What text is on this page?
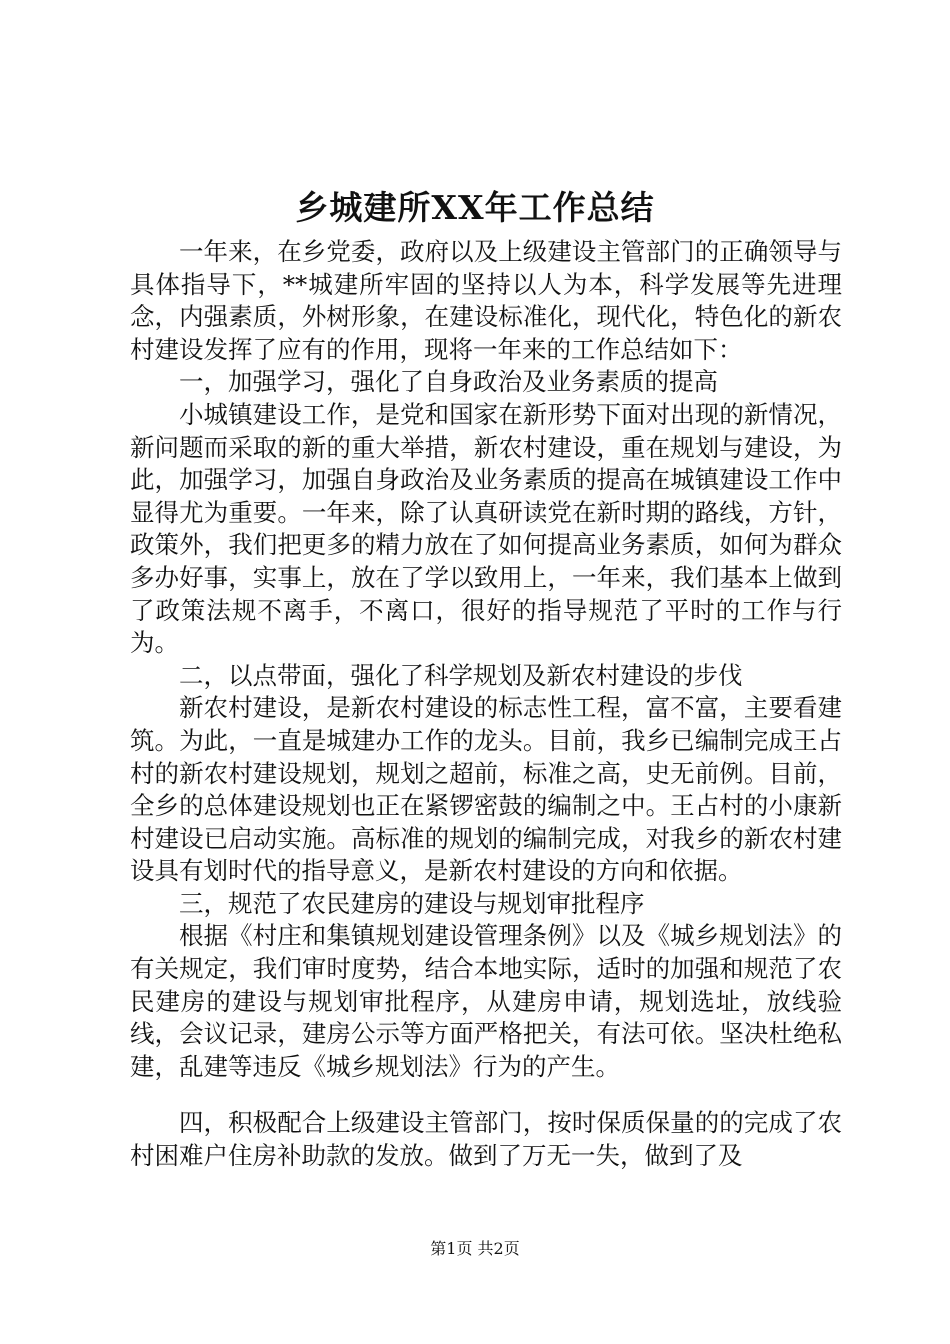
乡城建所XX年工作总结

一年来，在乡党委，政府以及上级建设主管部门的正确领导与具体指导下，**城建所牢固的坚持以人为本，科学发展等先进理念，内强素质，外树形象，在建设标准化，现代化，特色化的新农村建设发挥了应有的作用，现将一年来的工作总结如下：

一，加强学习，强化了自身政治及业务素质的提高

小城镇建设工作，是党和国家在新形势下面对出现的新情况，新问题而采取的新的重大举措，新农村建设，重在规划与建设，为此，加强学习，加强自身政治及业务素质的提高在城镇建设工作中显得尤为重要。一年来，除了认真研读党在新时期的路线，方针，政策外，我们把更多的精力放在了如何提高业务素质，如何为群众多办好事，实事上，放在了学以致用上，一年来，我们基本上做到了政策法规不离手，不离口，很好的指导规范了平时的工作与行为。

二，以点带面，强化了科学规划及新农村建设的步伐

新农村建设，是新农村建设的标志性工程，富不富，主要看建筑。为此，一直是城建办工作的龙头。目前，我乡已编制完成王占村的新农村建设规划，规划之超前，标准之高，史无前例。目前，全乡的总体建设规划也正在紧锣密鼓的编制之中。王占村的小康新村建设已启动实施。高标准的规划的编制完成，对我乡的新农村建设具有划时代的指导意义，是新农村建设的方向和依据。

三，规范了农民建房的建设与规划审批程序

根据《村庄和集镇规划建设管理条例》以及《城乡规划法》的有关规定，我们审时度势，结合本地实际，适时的加强和规范了农民建房的建设与规划审批程序，从建房申请，规划选址，放线验线，会议记录，建房公示等方面严格把关，有法可依。坚决杜绝私建，乱建等违反《城乡规划法》行为的产生。

四，积极配合上级建设主管部门，按时保质保量的的完成了农村困难户住房补助款的发放。做到了万无一失，做到了及

第1页 共2页
